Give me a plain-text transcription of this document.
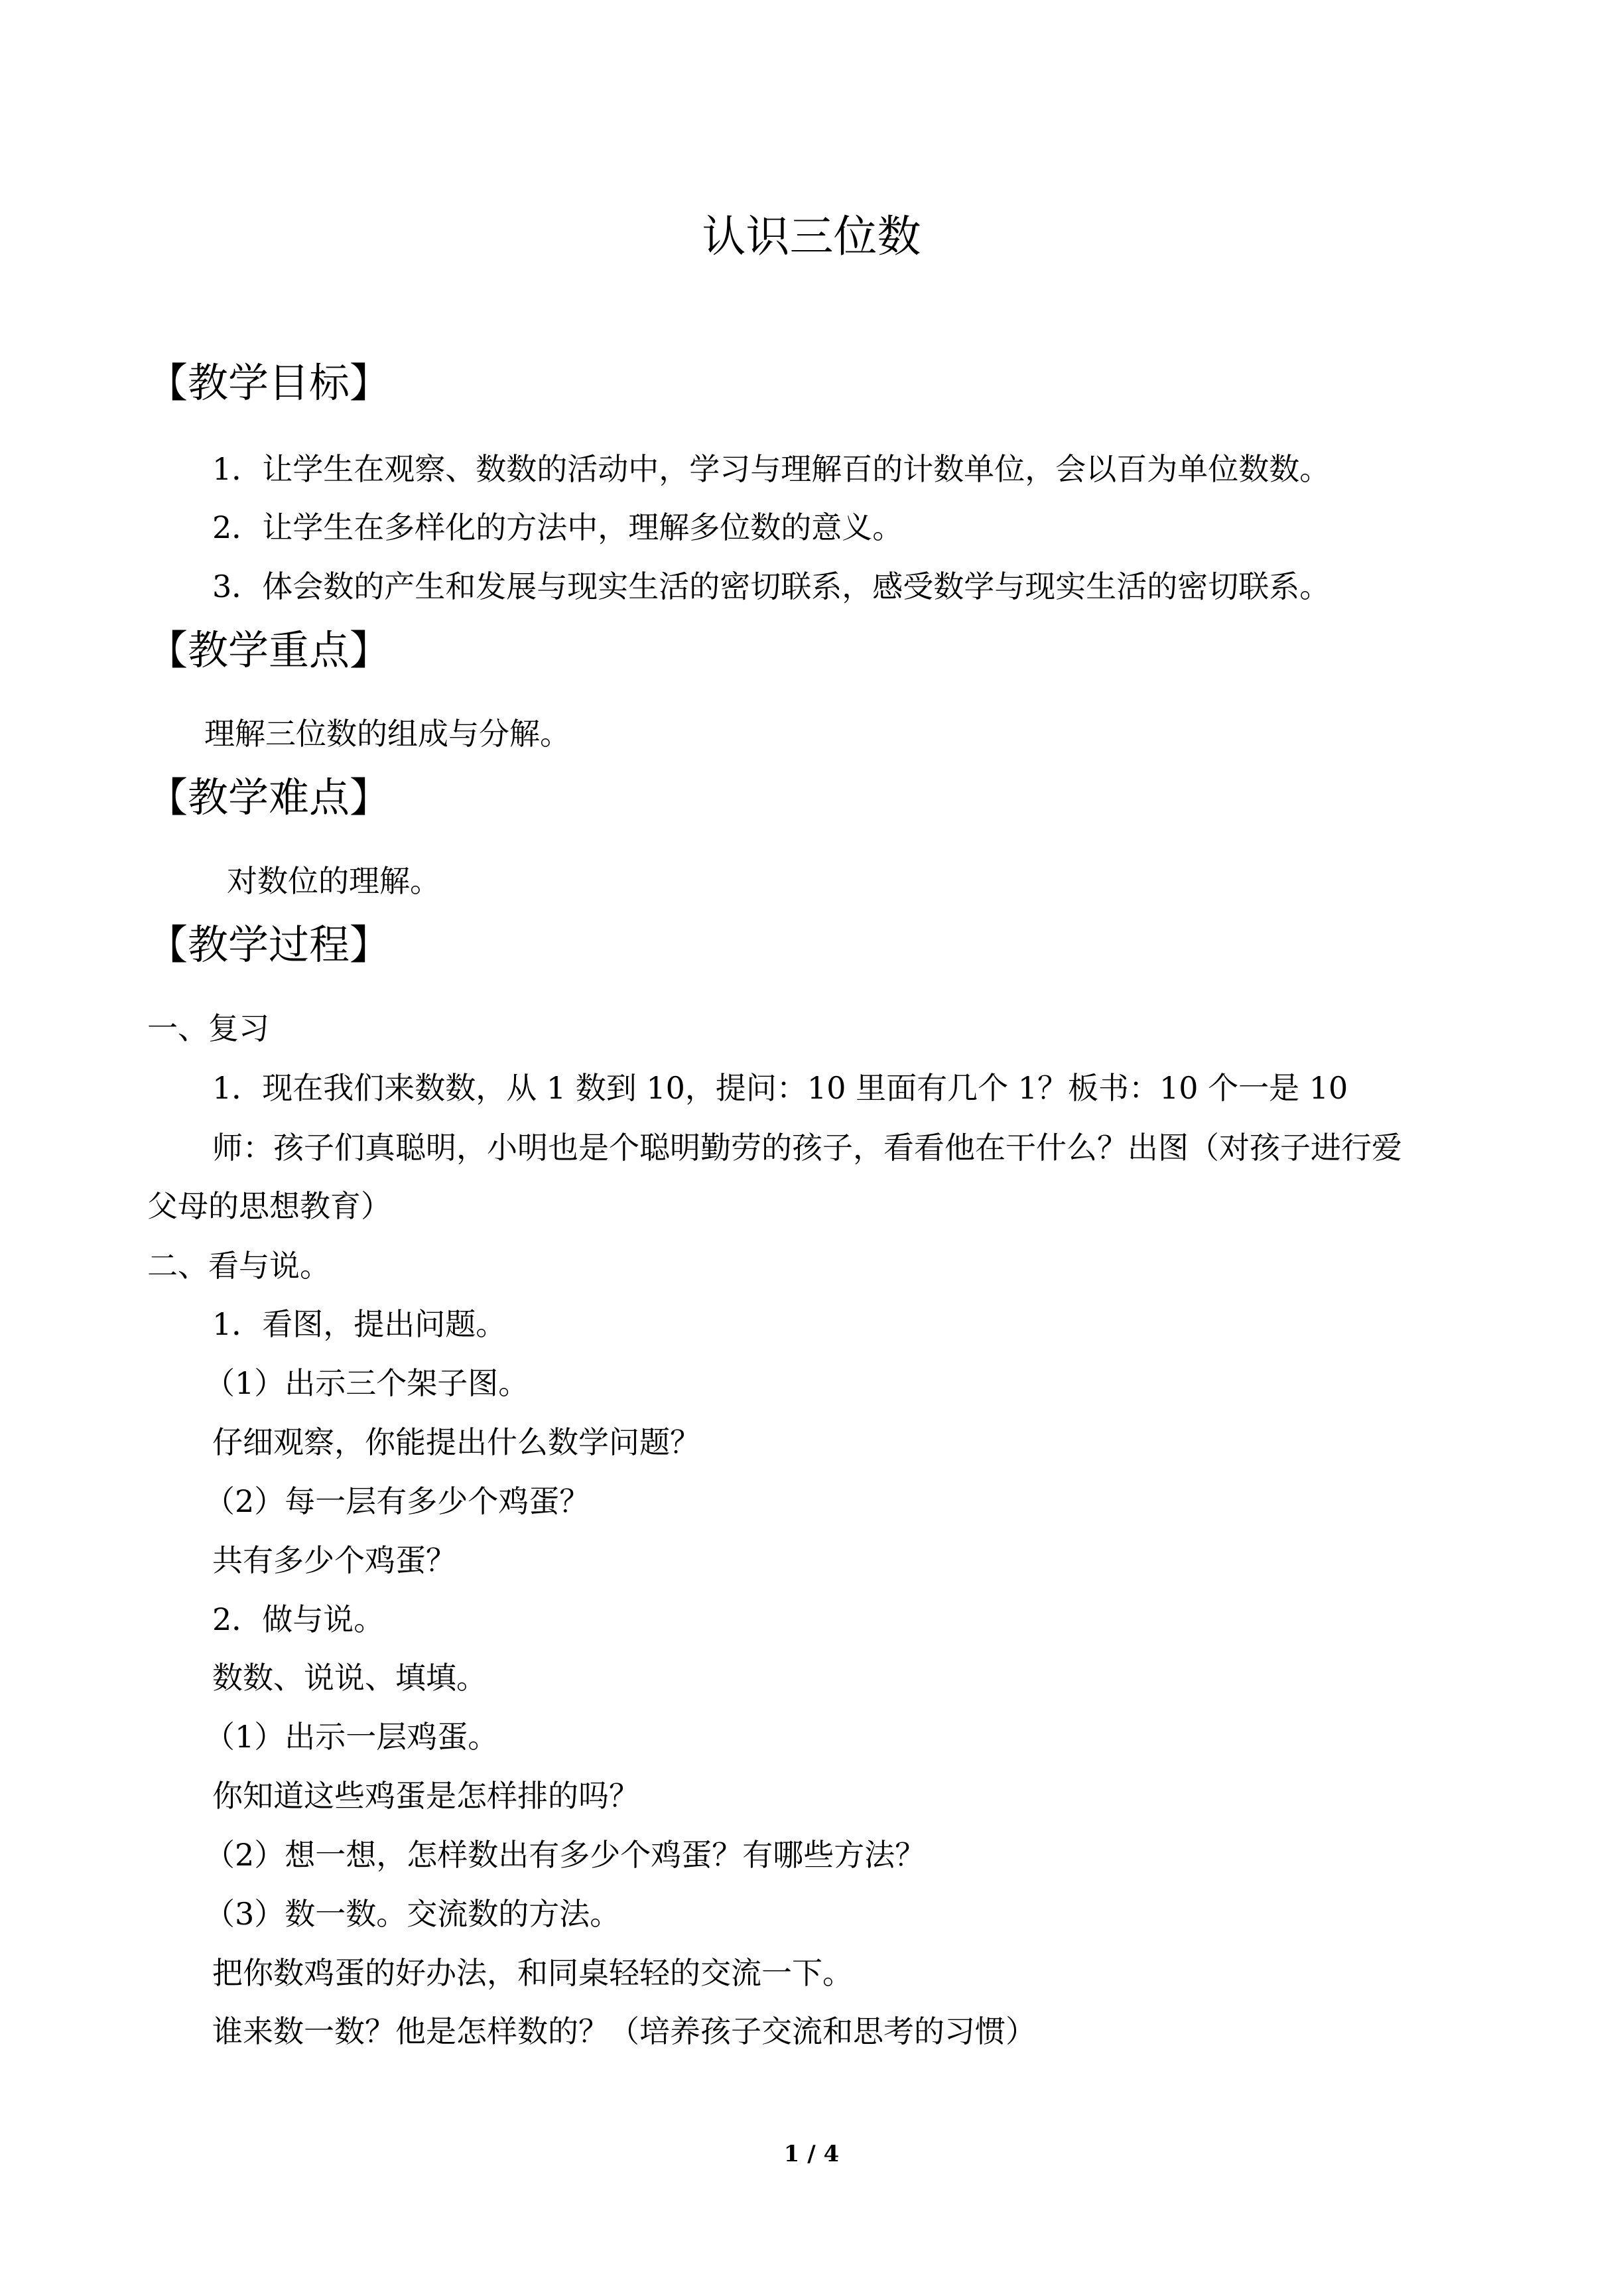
认识三位数
【教学目标】
1．让学生在观察、数数的活动中，学习与理解百的计数单位，会以百为单位数数。
2．让学生在多样化的方法中，理解多位数的意义。
3．体会数的产生和发展与现实生活的密切联系，感受数学与现实生活的密切联系。
【教学重点】
理解三位数的组成与分解。
【教学难点】
对数位的理解。
【教学过程】
一、复习
1．现在我们来数数，从 1 数到 10，提问：10 里面有几个 1？板书：10 个一是 10
师：孩子们真聪明，小明也是个聪明勤劳的孩子，看看他在干什么？出图（对孩子进行爱
父母的思想教育）
二、看与说。
1．看图，提出问题。
（1）出示三个架子图。
仔细观察，你能提出什么数学问题？
（2）每一层有多少个鸡蛋？
共有多少个鸡蛋？
2．做与说。
数数、说说、填填。
（1）出示一层鸡蛋。
你知道这些鸡蛋是怎样排的吗？
（2）想一想，怎样数出有多少个鸡蛋？有哪些方法？
（3）数一数。交流数的方法。
把你数鸡蛋的好办法，和同桌轻轻的交流一下。
谁来数一数？他是怎样数的？（培养孩子交流和思考的习惯）
1 / 4
